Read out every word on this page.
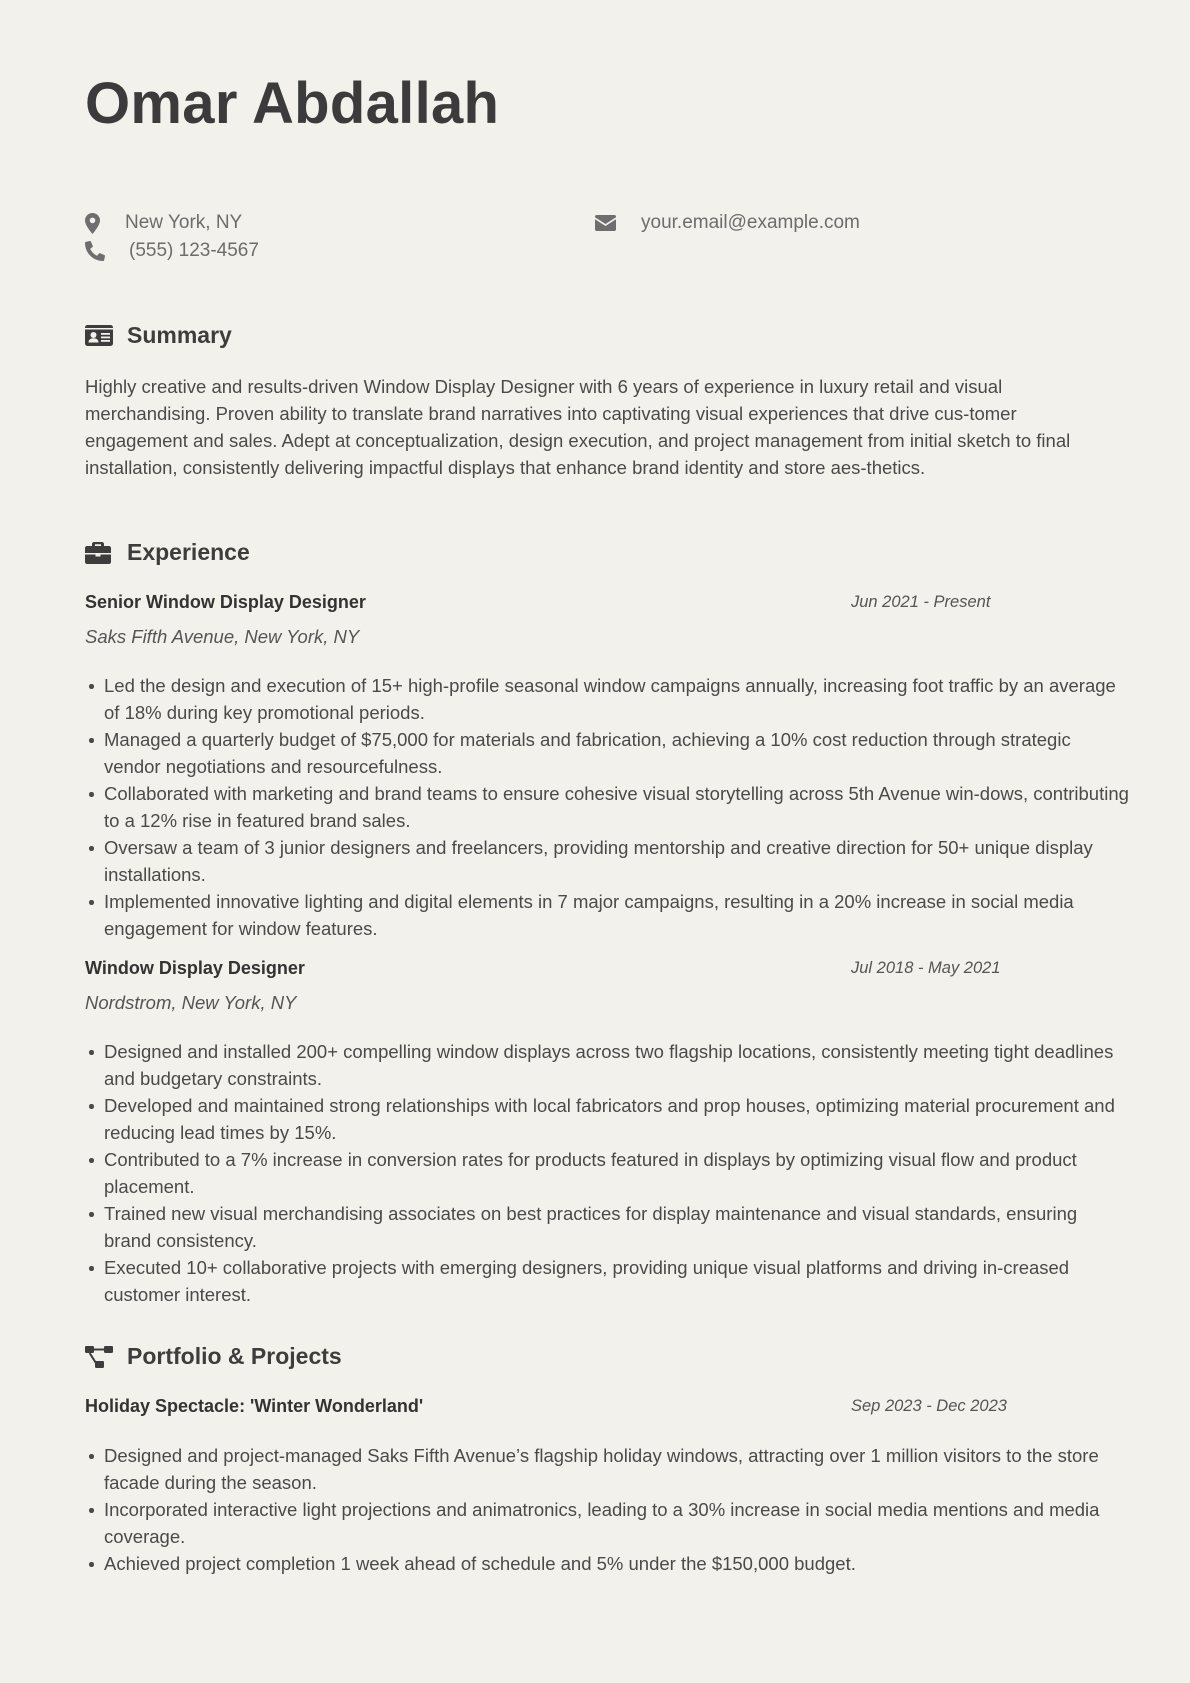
Omar Abdallah
New York, NY
(555) 123-4567
your.email@example.com
Summary

Highly creative and results-driven Window Display Designer with 6 years of experience in luxury retail and visual merchandising. Proven ability to translate brand narratives into captivating visual experiences that drive cus-tomer engagement and sales. Adept at conceptualization, design execution, and project management from initial sketch to final installation, consistently delivering impactful displays that enhance brand identity and store aes-thetics.

Experience
Senior Window Display Designer	Jun 2021 - Present
Saks Fifth Avenue, New York, NY
Led the design and execution of 15+ high-profile seasonal window campaigns annually, increasing foot traffic by an average of 18% during key promotional periods.
Managed a quarterly budget of $75,000 for materials and fabrication, achieving a 10% cost reduction through strategic vendor negotiations and resourcefulness.
Collaborated with marketing and brand teams to ensure cohesive visual storytelling across 5th Avenue win-dows, contributing to a 12% rise in featured brand sales.
Oversaw a team of 3 junior designers and freelancers, providing mentorship and creative direction for 50+ unique display installations.
Implemented innovative lighting and digital elements in 7 major campaigns, resulting in a 20% increase in social media engagement for window features.
Window Display Designer	Jul 2018 - May 2021
Nordstrom, New York, NY
Designed and installed 200+ compelling window displays across two flagship locations, consistently meeting tight deadlines and budgetary constraints.
Developed and maintained strong relationships with local fabricators and prop houses, optimizing material procurement and reducing lead times by 15%.
Contributed to a 7% increase in conversion rates for products featured in displays by optimizing visual flow and product placement.
Trained new visual merchandising associates on best practices for display maintenance and visual standards, ensuring brand consistency.
Executed 10+ collaborative projects with emerging designers, providing unique visual platforms and driving in-creased customer interest.
Portfolio & Projects
Holiday Spectacle: 'Winter Wonderland'	Sep 2023 - Dec 2023
Designed and project-managed Saks Fifth Avenue’s flagship holiday windows, attracting over 1 million visitors to the store facade during the season.
Incorporated interactive light projections and animatronics, leading to a 30% increase in social media mentions and media coverage.
Achieved project completion 1 week ahead of schedule and 5% under the $150,000 budget.
